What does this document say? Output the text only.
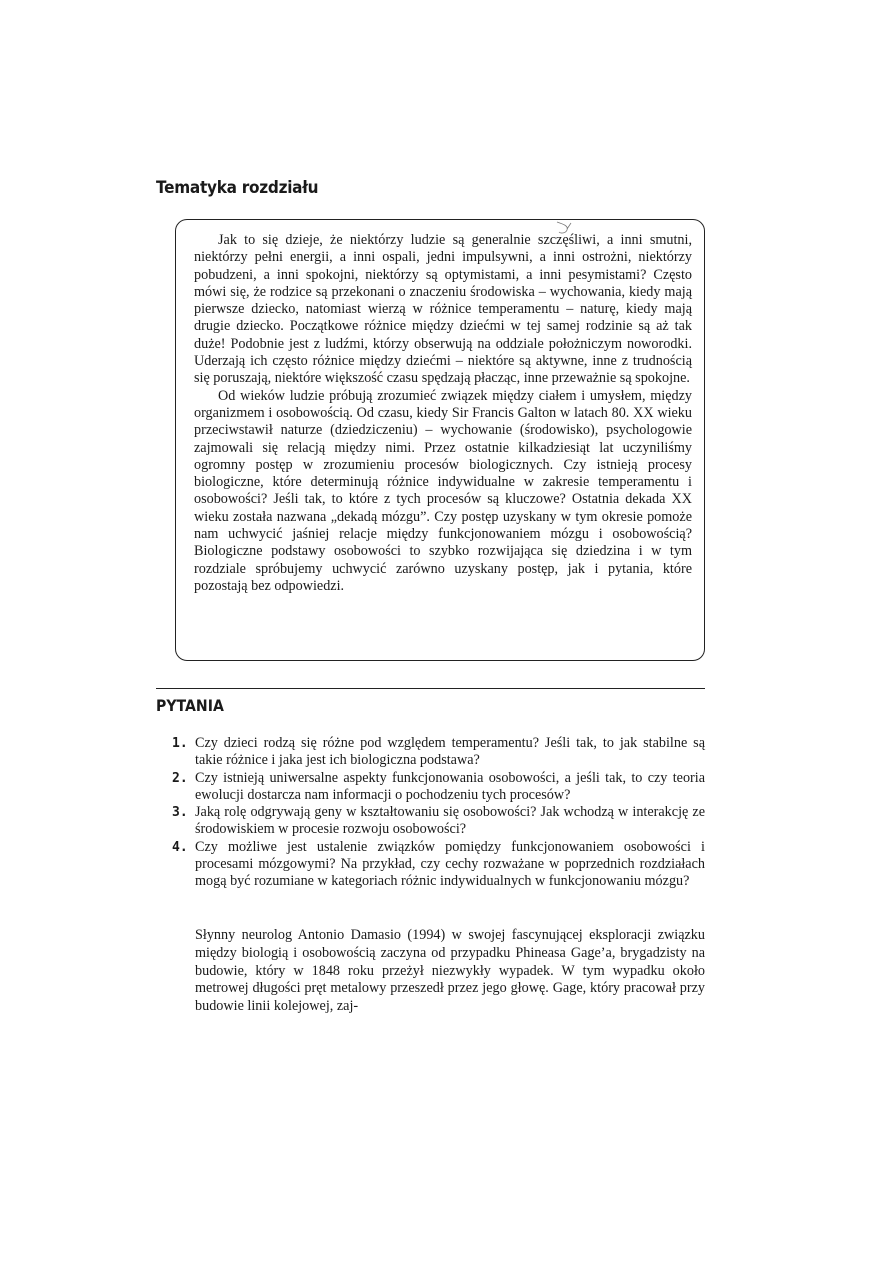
Tematyka rozdziału

Jak to się dzieje, że niektórzy ludzie są generalnie szczęśliwi, a inni smutni, niektórzy pełni energii, a inni ospali, jedni impulsywni, a inni ostrożni, niektórzy pobudzeni, a inni spokojni, niektórzy są optymistami, a inni pesymistami? Często mówi się, że rodzice są przekonani o znaczeniu środowiska – wychowania, kiedy mają pierwsze dziecko, natomiast wierzą w różnice temperamentu – naturę, kiedy mają drugie dziecko. Początkowe różnice między dziećmi w tej samej rodzinie są aż tak duże! Podobnie jest z ludźmi, którzy obserwują na oddziale położniczym noworodki. Uderzają ich często różnice między dziećmi – niektóre są aktywne, inne z trudnością się poruszają, niektóre większość czasu spędzają płacząc, inne przeważnie są spokojne.

Od wieków ludzie próbują zrozumieć związek między ciałem i umysłem, między organizmem i osobowością. Od czasu, kiedy Sir Francis Galton w latach 80. XX wieku przeciwstawił naturze (dziedziczeniu) – wychowanie (środowisko), psychologowie zajmowali się relacją między nimi. Przez ostatnie kilkadziesiąt lat uczyniliśmy ogromny postęp w zrozumieniu procesów biologicznych. Czy istnieją procesy biologiczne, które determinują różnice indywidualne w zakresie temperamentu i osobowości? Jeśli tak, to które z tych procesów są kluczowe? Ostatnia dekada XX wieku została nazwana „dekadą mózgu”. Czy postęp uzyskany w tym okresie pomoże nam uchwycić jaśniej relacje między funkcjonowaniem mózgu i osobowością? Biologiczne podstawy osobowości to szybko rozwijająca się dziedzina i w tym rozdziale spróbujemy uchwycić zarówno uzyskany postęp, jak i pytania, które pozostają bez odpowiedzi.

PYTANIA
1. Czy dzieci rodzą się różne pod względem temperamentu? Jeśli tak, to jak stabilne są takie różnice i jaka jest ich biologiczna podstawa?
2. Czy istnieją uniwersalne aspekty funkcjonowania osobowości, a jeśli tak, to czy teoria ewolucji dostarcza nam informacji o pochodzeniu tych procesów?
3. Jaką rolę odgrywają geny w kształtowaniu się osobowości? Jak wchodzą w interakcję ze środowiskiem w procesie rozwoju osobowości?
4. Czy możliwe jest ustalenie związków pomiędzy funkcjonowaniem osobowości i procesami mózgowymi? Na przykład, czy cechy rozważane w poprzednich rozdziałach mogą być rozumiane w kategoriach różnic indywidualnych w funkcjonowaniu mózgu?

Słynny neurolog Antonio Damasio (1994) w swojej fascynującej eksploracji związku między biologią i osobowością zaczyna od przypadku Phineasa Gage’a, brygadzisty na budowie, który w 1848 roku przeżył niezwykły wypadek. W tym wypadku około metrowej długości pręt metalowy przeszedł przez jego głowę. Gage, który pracował przy budowie linii kolejowej, zaj-
